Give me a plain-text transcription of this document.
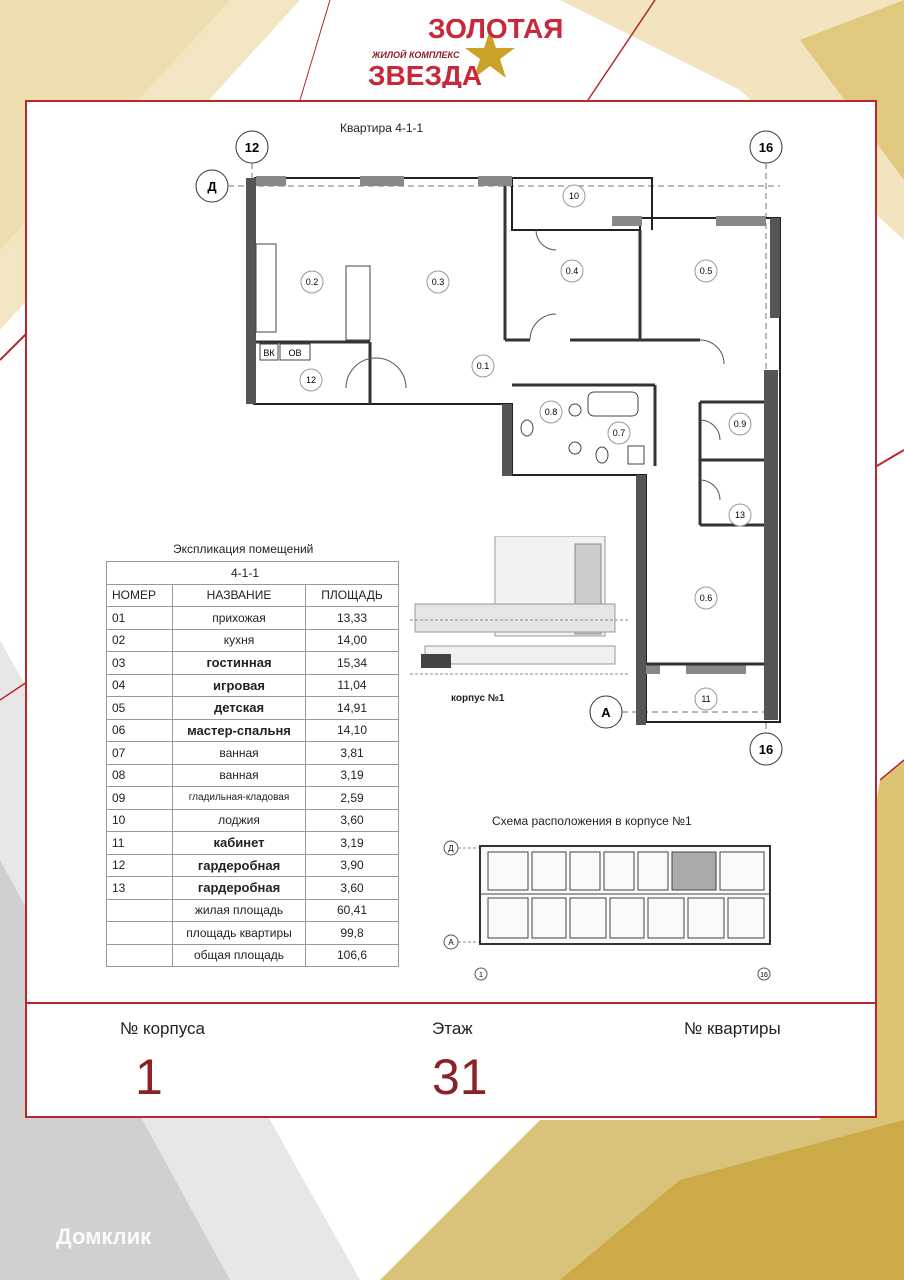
ЗОЛОТАЯ
ЖИЛОЙ КОМПЛЕКС
ЗВЕЗДА
Квартира 4-1-1
12	16
16
Д
А
ВК ОВ
0.2	0.3
0.1
10
0.4	0.5
12
0.8
0.7
0.9
13
0.6
11
Экспликация помещений
4-1-1		
НОМЕР	НАЗВАНИЕ	ПЛОЩАДЬ
01	прихожая	13,33
02	кухня	14,00
03	гостинная	15,34
04	игровая	11,04
05	детская	14,91
06	мастер-спальня	14,10
07	ванная	3,81
08	ванная	3,19
09	гладильная-кладовая	2,59
10	лоджия	3,60
11	кабинет	3,19
12	гардеробная	3,90
13	гардеробная	3,60
	жилая площадь	60,41
	площадь квартиры	99,8
	общая площадь	106,6
корпус №1
Схема расположения в корпусе №1
Д
А
1	16
№ корпуса
1
Этаж
31
№ квартиры
Домклик
